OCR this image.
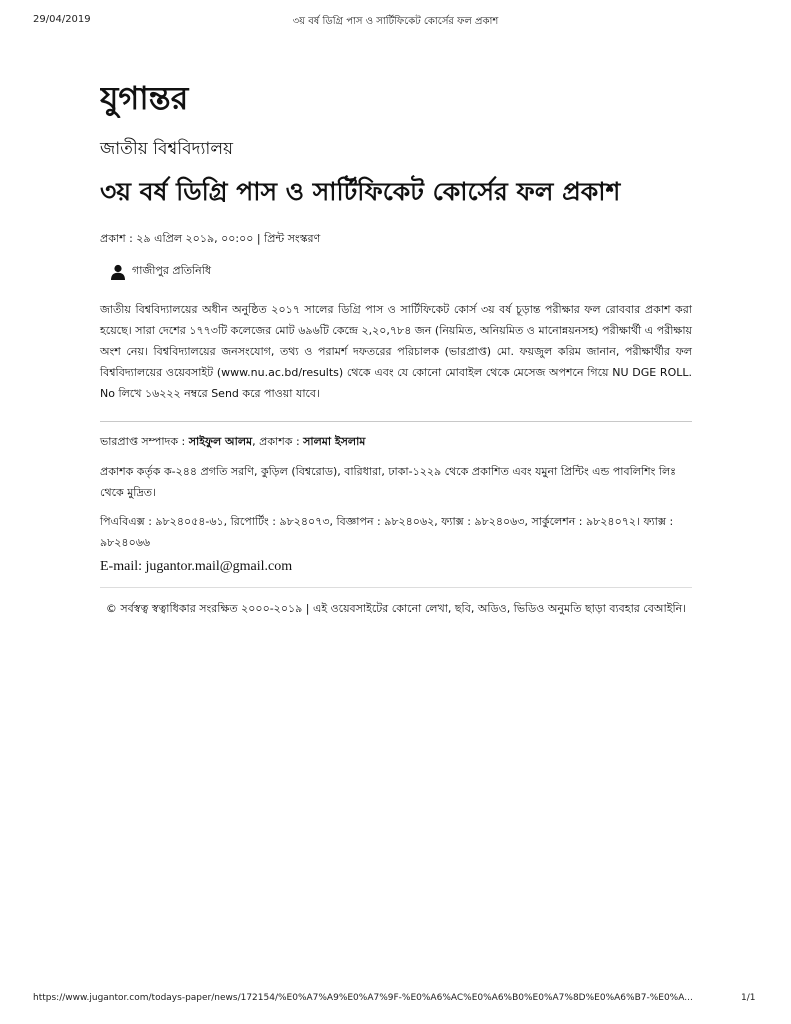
29/04/2019	৩য় বর্ষ ডিগ্রি পাস ও সার্টিফিকেট কোর্সের ফল প্রকাশ
যুগান্তর
জাতীয় বিশ্ববিদ্যালয়
৩য় বর্ষ ডিগ্রি পাস ও সার্টিফিকেট কোর্সের ফল প্রকাশ
প্রকাশ : ২৯ এপ্রিল ২০১৯, ০০:০০ | প্রিন্ট সংস্করণ
গাজীপুর প্রতিনিধি
জাতীয় বিশ্ববিদ্যালয়ের অধীন অনুষ্ঠিত ২০১৭ সালের ডিগ্রি পাস ও সার্টিফিকেট কোর্স ৩য় বর্ষ চূড়ান্ত পরীক্ষার ফল রোববার প্রকাশ করা হয়েছে। সারা দেশের ১৭৭৩টি কলেজের মোট ৬৯৬টি কেন্দ্রে ২,২০,৭৮৪ জন (নিয়মিত, অনিয়মিত ও মানোন্নয়নসহ) পরীক্ষার্থী এ পরীক্ষায় অংশ নেয়। বিশ্ববিদ্যালয়ের জনসংযোগ, তথ্য ও পরামর্শ দফতরের পরিচালক (ভারপ্রাপ্ত) মো. ফয়জুল করিম জানান, পরীক্ষার্থীর ফল বিশ্ববিদ্যালয়ের ওয়েবসাইট (www.nu.ac.bd/results) থেকে এবং যে কোনো মোবাইল থেকে মেসেজ অপশনে গিয়ে NU DGE ROLL. No লিখে ১৬২২২ নম্বরে Send করে পাওয়া যাবে।
ভারপ্রাপ্ত সম্পাদক : সাইফুল আলম, প্রকাশক : সালমা ইসলাম
প্রকাশক কর্তৃক ক-২৪৪ প্রগতি সরণি, কুড়িল (বিশ্বরোড), বারিধারা, ঢাকা-১২২৯ থেকে প্রকাশিত এবং যমুনা প্রিন্টিং এন্ড পাবলিশিং লিঃ থেকে মুদ্রিত।
পিএবিএক্স : ৯৮২৪০৫৪-৬১, রিপোর্টিং : ৯৮২৪০৭৩, বিজ্ঞাপন : ৯৮২৪০৬২, ফ্যাক্স : ৯৮২৪০৬৩, সার্কুলেশন : ৯৮২৪০৭২। ফ্যাক্স : ৯৮২৪০৬৬
E-mail: jugantor.mail@gmail.com
© সর্বস্বত্ব স্বত্বাধিকার সংরক্ষিত ২০০০-২০১৯ | এই ওয়েবসাইটের কোনো লেখা, ছবি, অডিও, ভিডিও অনুমতি ছাড়া ব্যবহার বেআইনি।
https://www.jugantor.com/todays-paper/news/172154/%E0%A7%A9%E0%A7%9F-%E0%A6%AC%E0%A6%B0%E0%A7%8D%E0%A6%B7-%E0%A...	1/1
